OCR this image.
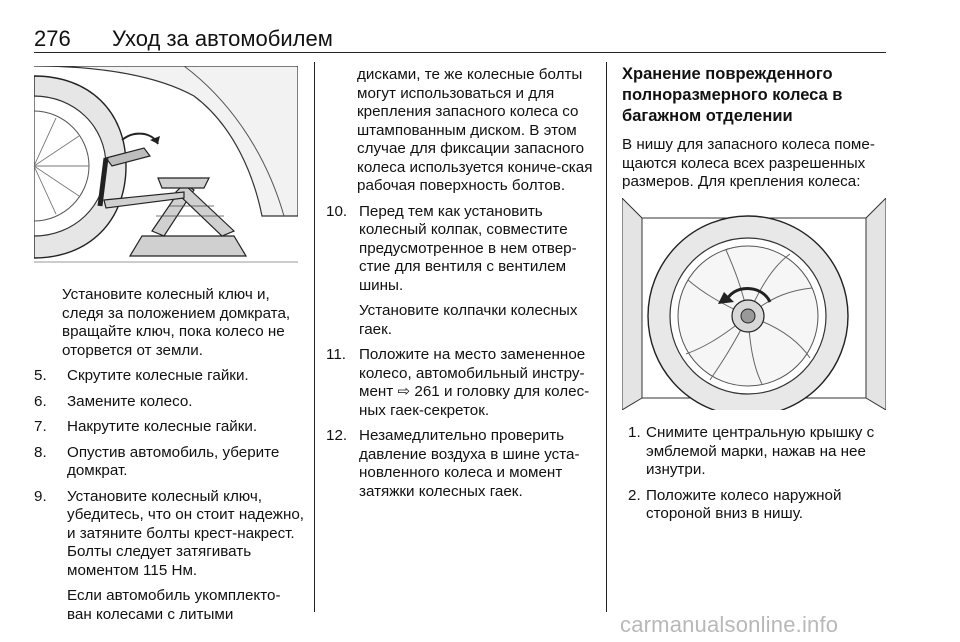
276 Уход за автомобилем

Установите колесный ключ и, следя за положением домкрата, вращайте ключ, пока колесо не оторвется от земли.

5. Скрутите колесные гайки.
6. Замените колесо.
7. Накрутите колесные гайки.
8. Опустив автомобиль, уберите домкрат.
9. Установите колесный ключ, убедитесь, что он стоит надежно, и затяните болты крест-накрест. Болты следует затягивать моментом 115 Нм.
Если автомобиль укомплекто-ван колесами с литыми

дисками, те же колесные болты могут использоваться и для крепления запасного колеса со штампованным диском. В этом случае для фиксации запасного колеса используется кониче-ская рабочая поверхность болтов.

10. Перед тем как установить колесный колпак, совместите предусмотренное в нем отвер-стие для вентиля с вентилем шины.
Установите колпачки колесных гаек.
11. Положите на место замененное колесо, автомобильный инстру-мент ⇨ 261 и головку для колес-ных гаек-секреток.
12. Незамедлительно проверить давление воздуха в шине уста-новленного колеса и момент затяжки колесных гаек.
Хранение поврежденного полноразмерного колеса в багажном отделении
В нишу для запасного колеса поме-щаются колеса всех разрешенных размеров. Для крепления колеса:
1. Снимите центральную крышку с эмблемой марки, нажав на нее изнутри.
2. Положите колесо наружной стороной вниз в нишу.
carmanualsonline.info
